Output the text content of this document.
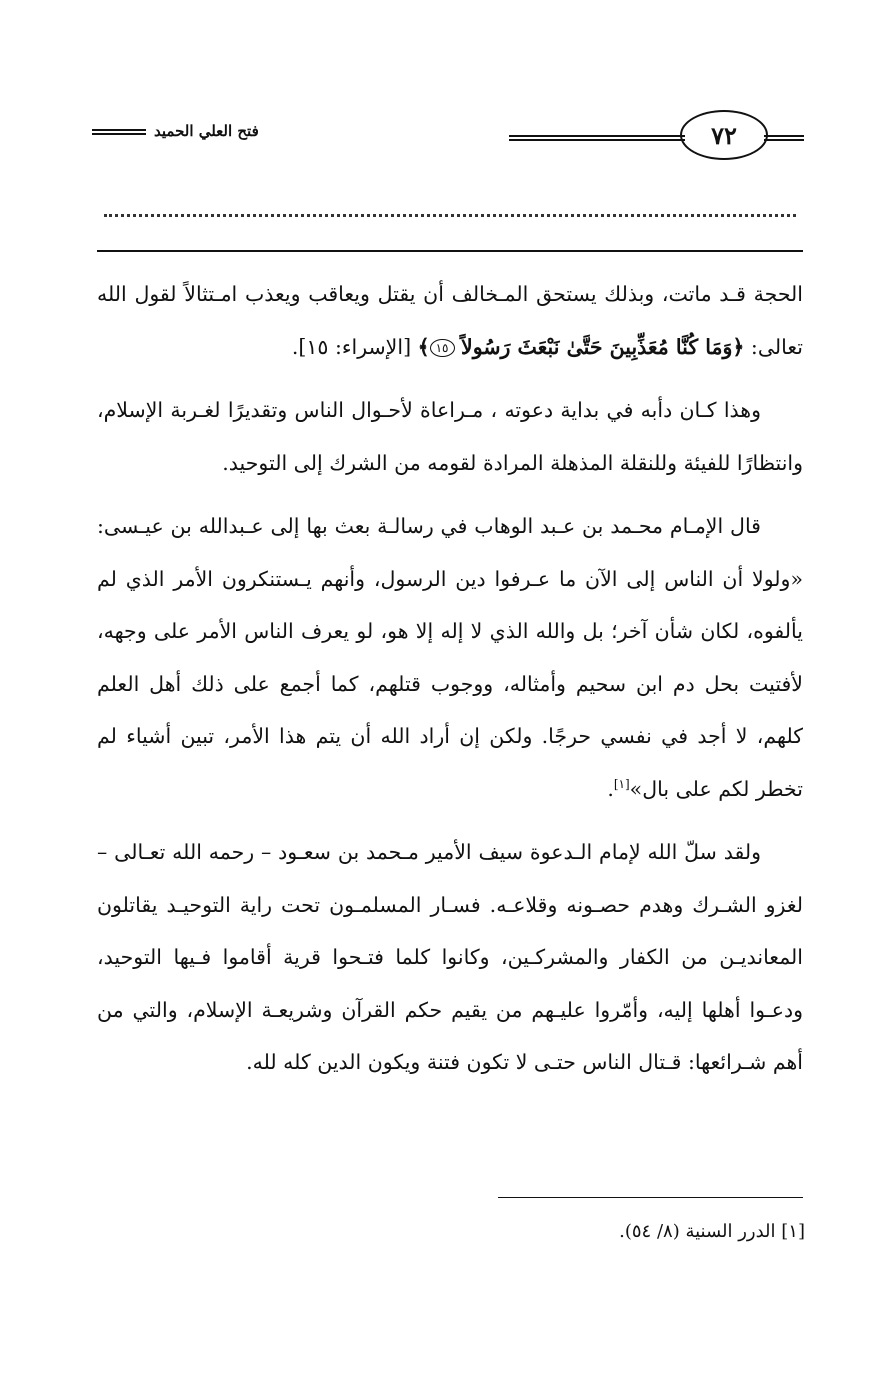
فتح العلي الحميد	٧٢

الحجة قـد ماتت، وبذلك يستحق المـخالف أن يقتل ويعاقب ويعذب امـتثالاً لقول الله تعالى: ﴿وَمَا كُنَّا مُعَذِّبِينَ حَتَّىٰ نَبْعَثَ رَسُولاً ١٥﴾ [الإسراء: ١٥].

وهذا كـان دأبه في بداية دعوته ، مـراعاة لأحـوال الناس وتقديرًا لغـربة الإسلام، وانتظارًا للفيئة وللنقلة المذهلة المرادة لقومه من الشرك إلى التوحيد.

قال الإمـام محـمد بن عـبد الوهاب في رسالـة بعث بها إلى عـبدالله بن عيـسى: «ولولا أن الناس إلى الآن ما عـرفوا دين الرسول، وأنهم يـستنكرون الأمر الذي لم يألفوه، لكان شأن آخر؛ بل والله الذي لا إله إلا هو، لو يعرف الناس الأمر على وجهه، لأفتيت بحل دم ابن سحيم وأمثاله، ووجوب قتلهم، كما أجمع على ذلك أهل العلم كلهم، لا أجد في نفسي حرجًا. ولكن إن أراد الله أن يتم هذا الأمر، تبين أشياء لم تخطر لكم على بال»[١].

ولقد سلّ الله لإمام الـدعوة سيف الأمير مـحمد بن سعـود – رحمه الله تعـالى – لغزو الشـرك وهدم حصـونه وقلاعـه. فسـار المسلمـون تحت راية التوحيـد يقاتلون المعانديـن من الكفار والمشركـين، وكانوا كلما فتـحوا قرية أقاموا فـيها التوحيد، ودعـوا أهلها إليه، وأمّروا عليـهم من يقيم حكم القرآن وشريعـة الإسلام، والتي من أهم شـرائعها: قـتال الناس حتـى لا تكون فتنة ويكون الدين كله لله.

[١] الدرر السنية (٨/ ٥٤).
